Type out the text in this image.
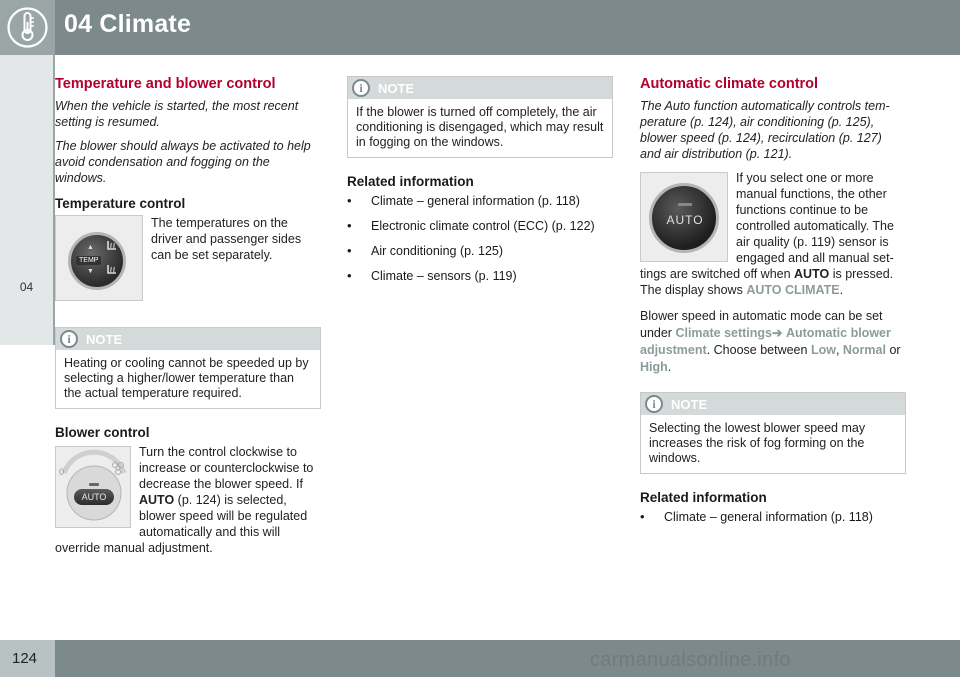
04 Climate
04
Temperature and blower control
When the vehicle is started, the most recent setting is resumed.
The blower should always be activated to help avoid condensation and fogging on the windows.
Temperature control
TEMP
▲
▼
The temperatures on the driver and passenger sides can be set separately.
i	NOTE
Heating or cooling cannot be speeded up by selecting a higher/lower temperature than the actual temperature required.
Blower control
0
AUTO
Turn the control clockwise to increase or counterclockwise to decrease the blower speed. If AUTO (p. 124) is selected, blower speed will be regulated automatically and this will override manual adjustment.
i	NOTE
If the blower is turned off completely, the air conditioning is disengaged, which may result in fogging on the windows.
Related information
• Climate – general information (p. 118)
• Electronic climate control (ECC) (p. 122)
• Air conditioning (p. 125)
• Climate – sensors (p. 119)
Automatic climate control
The Auto function automatically controls tem-perature (p. 124), air conditioning (p. 125), blower speed (p. 124), recirculation (p. 127) and air distribution (p. 121).
AUTO
If you select one or more manual functions, the other functions continue to be controlled automatically. The air quality (p. 119) sensor is engaged and all manual set-tings are switched off when AUTO is pressed. The display shows AUTO CLIMATE.
Blower speed in automatic mode can be set under Climate settings➔ Automatic blower adjustment. Choose between Low, Normal or High.
i	NOTE
Selecting the lowest blower speed may increases the risk of fog forming on the windows.
Related information
• Climate – general information (p. 118)
124	carmanualsonline.info
